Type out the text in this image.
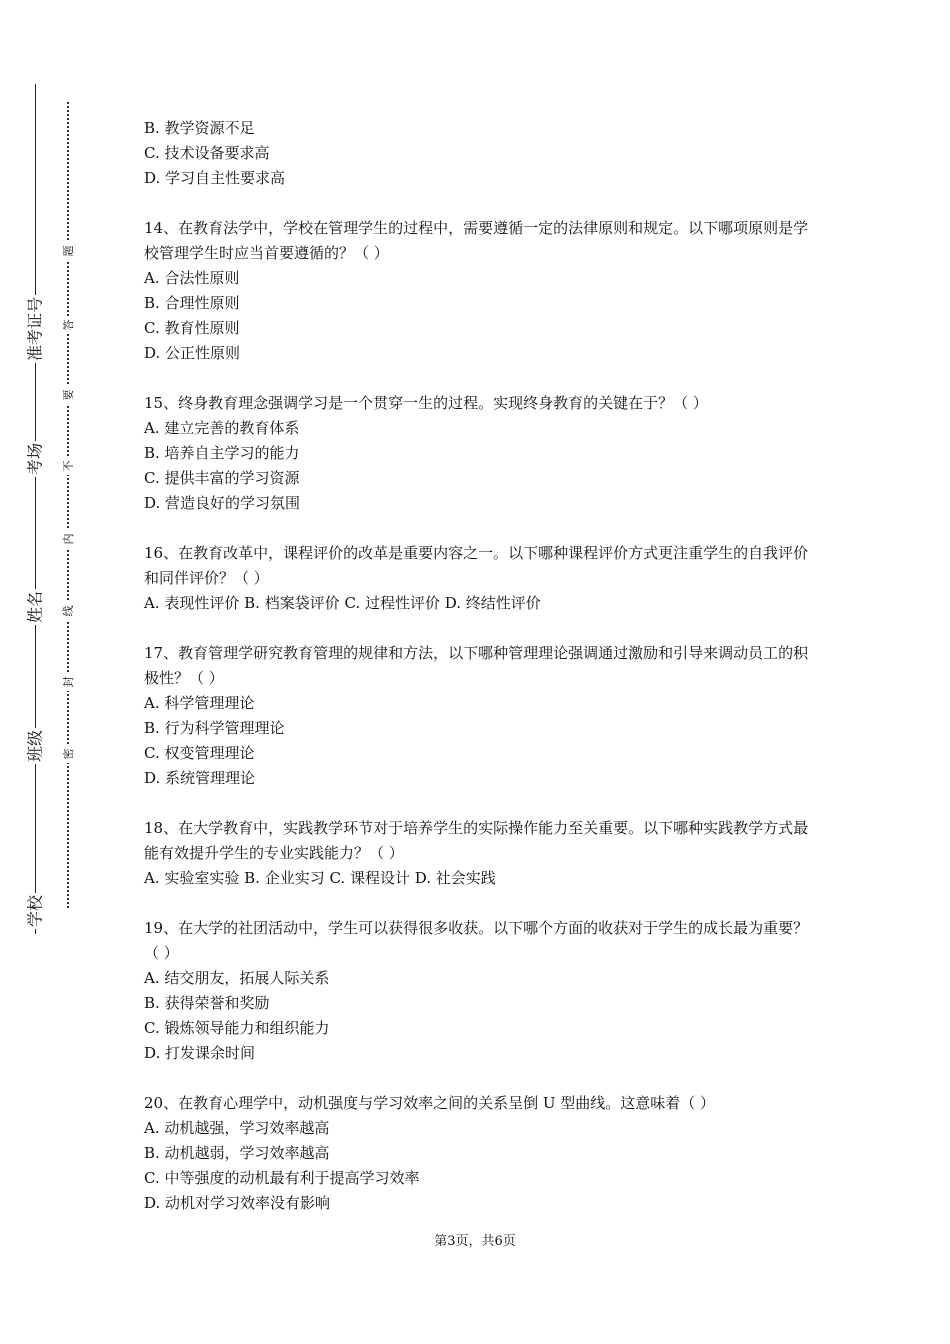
准考证号
考场
姓名
班级
学校
题
答
要
不
内
线
封
密

B. 教学资源不足

C. 技术设备要求高

D. 学习自主性要求高

14、在教育法学中，学校在管理学生的过程中，需要遵循一定的法律原则和规定。以下哪项原则是学校管理学生时应当首要遵循的？（ ）

A. 合法性原则

B. 合理性原则

C. 教育性原则

D. 公正性原则

15、终身教育理念强调学习是一个贯穿一生的过程。实现终身教育的关键在于？（ ）

A. 建立完善的教育体系

B. 培养自主学习的能力

C. 提供丰富的学习资源

D. 营造良好的学习氛围

16、在教育改革中，课程评价的改革是重要内容之一。以下哪种课程评价方式更注重学生的自我评价和同伴评价？（ ）

A. 表现性评价 B. 档案袋评价 C. 过程性评价 D. 终结性评价

17、教育管理学研究教育管理的规律和方法，以下哪种管理理论强调通过激励和引导来调动员工的积极性？（ ）

A. 科学管理理论

B. 行为科学管理理论

C. 权变管理理论

D. 系统管理理论

18、在大学教育中，实践教学环节对于培养学生的实际操作能力至关重要。以下哪种实践教学方式最能有效提升学生的专业实践能力？（ ）

A. 实验室实验 B. 企业实习 C. 课程设计 D. 社会实践

19、在大学的社团活动中，学生可以获得很多收获。以下哪个方面的收获对于学生的成长最为重要？（ ）

A. 结交朋友，拓展人际关系

B. 获得荣誉和奖励

C. 锻炼领导能力和组织能力

D. 打发课余时间

20、在教育心理学中，动机强度与学习效率之间的关系呈倒 U 型曲线。这意味着（ ）

A. 动机越强，学习效率越高

B. 动机越弱，学习效率越高

C. 中等强度的动机最有利于提高学习效率

D. 动机对学习效率没有影响

第3页，共6页
